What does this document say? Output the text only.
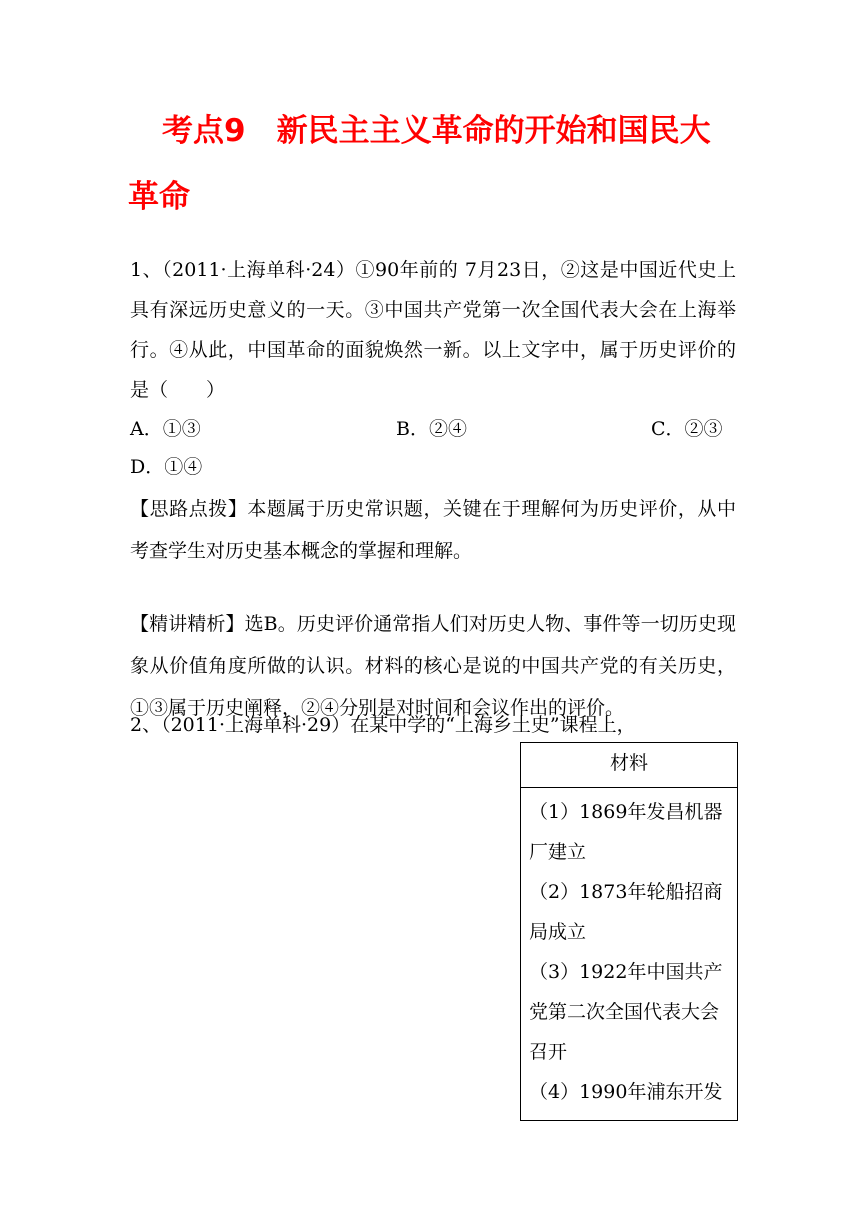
考点9　新民主主义革命的开始和国民大
革命

1、（2011·上海单科·24）①90年前的 7月23日，②这是中国近代史上具有深远历史意义的一天。③中国共产党第一次全国代表大会在上海举行。④从此，中国革命的面貌焕然一新。以上文字中，属于历史评价的是（　　）

A．①③	B．②④	C．②③
D．①④

【思路点拨】本题属于历史常识题，关键在于理解何为历史评价，从中考查学生对历史基本概念的掌握和理解。

【精讲精析】选B。历史评价通常指人们对历史人物、事件等一切历史现象从价值角度所做的认识。材料的核心是说的中国共产党的有关历史，①③属于历史阐释，②④分别是对时间和会议作出的评价。

2、（2011·上海单科·29）在某中学的“上海乡土史”课程上，

材料

（1）1869年发昌机器厂建立
（2）1873年轮船招商局成立
（3）1922年中国共产党第二次全国代表大会召开
（4）1990年浦东开发
